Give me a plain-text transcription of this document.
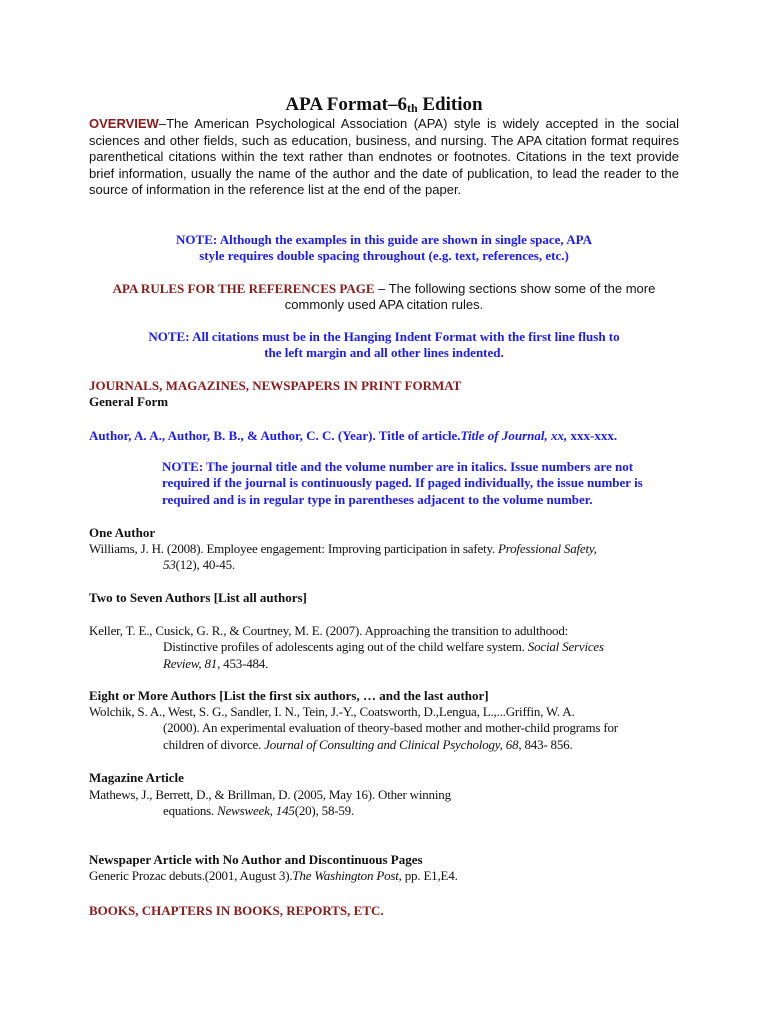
APA Format–$6_{th}$ Edition

OVERVIEW–The American Psychological Association (APA) style is widely accepted in the social sciences and other fields, such as education, business, and nursing. The APA citation format requires parenthetical citations within the text rather than endnotes or footnotes. Citations in the text provide brief information, usually the name of the author and the date of publication, to lead the reader to the source of information in the reference list at the end of the paper.

NOTE: Although the examples in this guide are shown in single space, APA
style requires double spacing throughout (e.g. text, references, etc.)
APA RULES FOR THE REFERENCES PAGE – The following sections show some of the more
commonly used APA citation rules.
NOTE: All citations must be in the Hanging Indent Format with the first line flush to
the left margin and all other lines indented.
JOURNALS, MAGAZINES, NEWSPAPERS IN PRINT FORMAT
General Form
Author, A. A., Author, B. B., & Author, C. C. (Year). Title of article.Title of Journal, xx, xxx-xxx.
NOTE: The journal title and the volume number are in italics. Issue numbers are not required if the journal is continuously paged. If paged individually, the issue number is required and is in regular type in parentheses adjacent to the volume number.
One Author
Williams, J. H. (2008). Employee engagement: Improving participation in safety. Professional Safety,
53(12), 40-45.
Two to Seven Authors [List all authors]
Keller, T. E., Cusick, G. R., & Courtney, M. E. (2007). Approaching the transition to adulthood:
Distinctive profiles of adolescents aging out of the child welfare system. Social Services
Review, 81, 453-484.
Eight or More Authors [List the first six authors, … and the last author]
Wolchik, S. A., West, S. G., Sandler, I. N., Tein, J.-Y., Coatsworth, D.,Lengua, L.,...Griffin, W. A.
(2000). An experimental evaluation of theory-based mother and mother-child programs for
children of divorce. Journal of Consulting and Clinical Psychology, 68, 843- 856.
Magazine Article
Mathews, J., Berrett, D., & Brillman, D. (2005, May 16). Other winning
equations. Newsweek, 145(20), 58-59.
Newspaper Article with No Author and Discontinuous Pages
Generic Prozac debuts.(2001, August 3).The Washington Post, pp. E1,E4.
BOOKS, CHAPTERS IN BOOKS, REPORTS, ETC.
